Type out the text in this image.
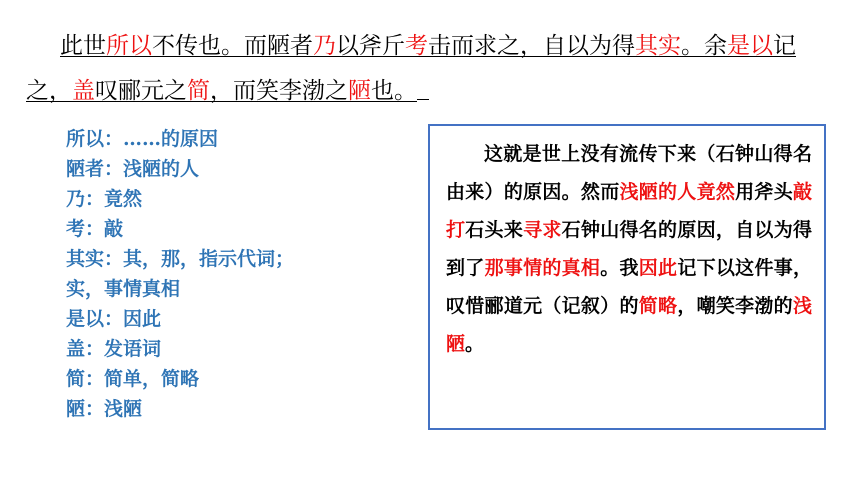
此世所以不传也。而陋者乃以斧斤考击而求之，自以为得其实。余是以记之，盖叹郦元之简，而笑李渤之陋也。

所以：……的原因
陋者：浅陋的人
乃：竟然
考：敲
其实：其，那，指示代词；
实，事情真相
是以：因此
盖：发语词
简：简单，简略
陋：浅陋

这就是世上没有流传下来（石钟山得名由来）的原因。然而浅陋的人竟然用斧头敲打石头来寻求石钟山得名的原因，自以为得到了那事情的真相。我因此记下以这件事，叹惜郦道元（记叙）的简略，嘲笑李渤的浅陋。
